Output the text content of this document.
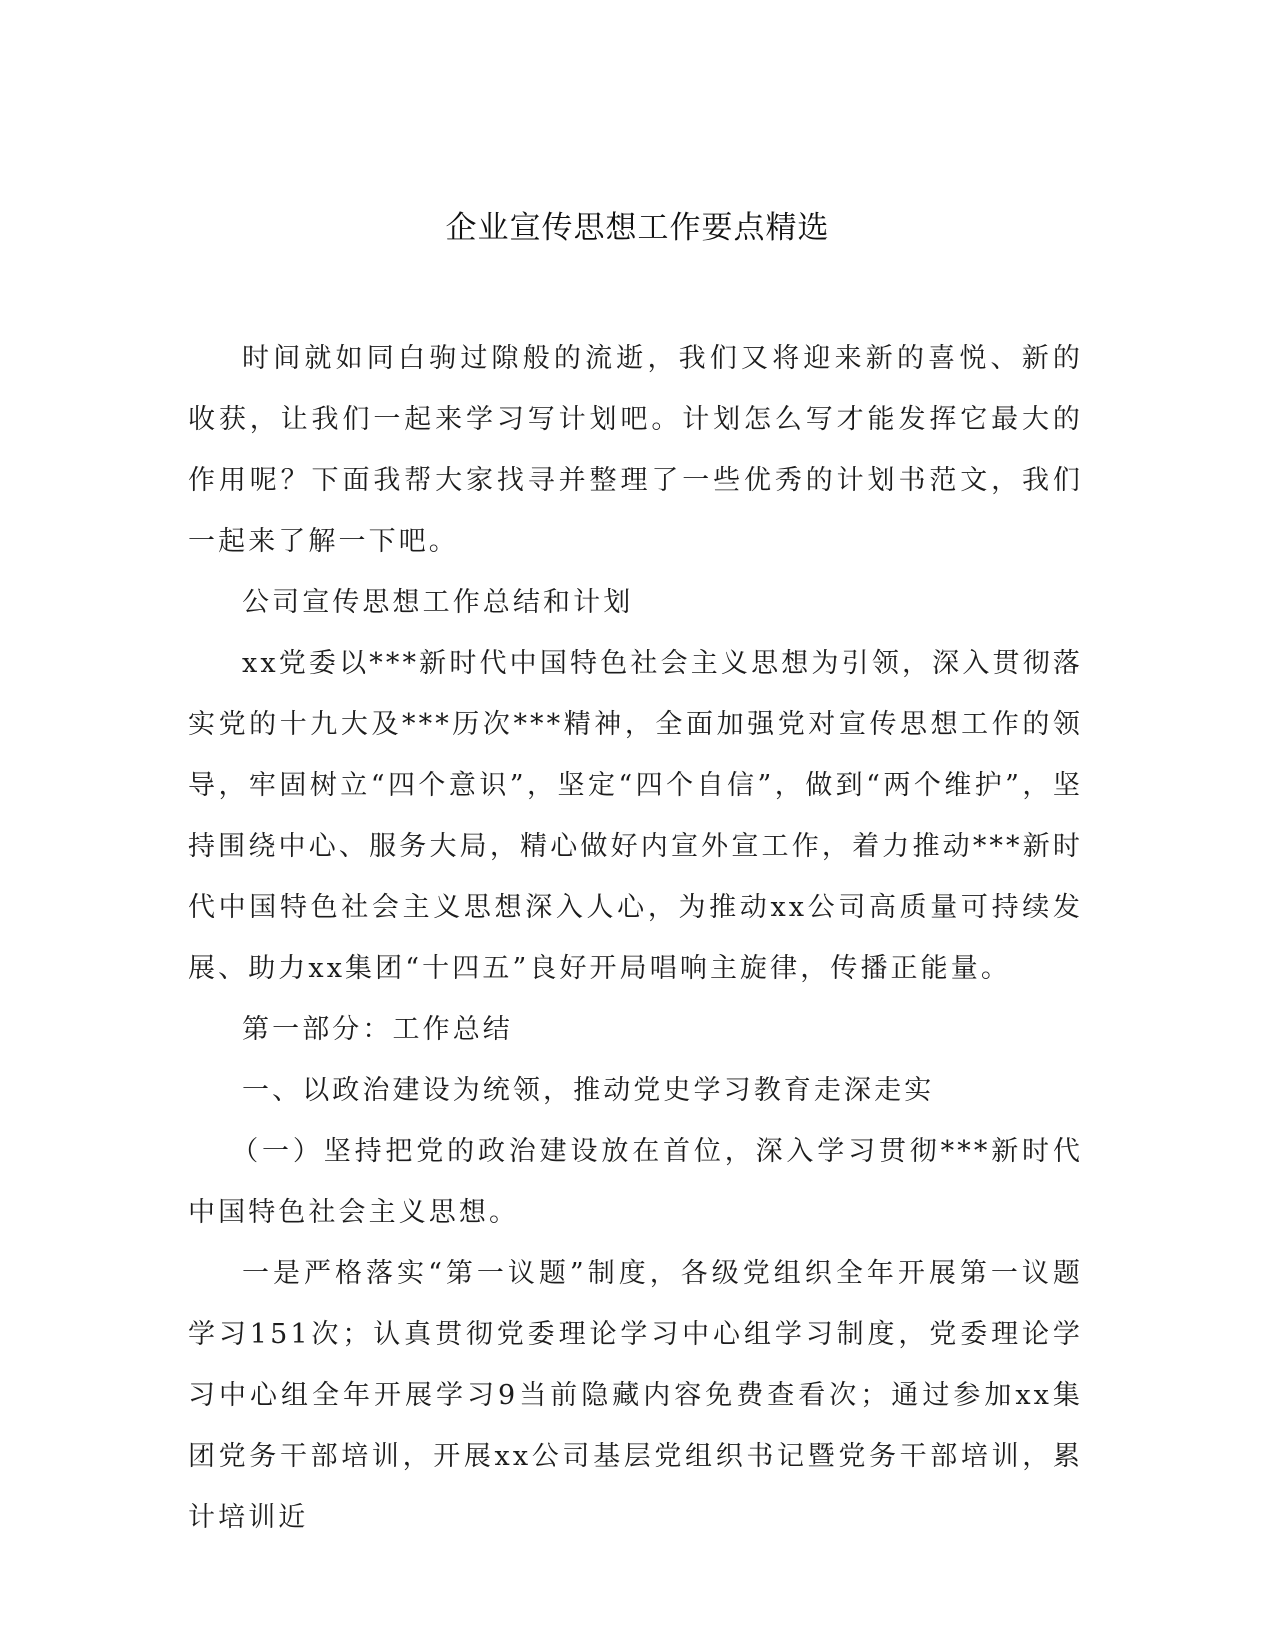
企业宣传思想工作要点精选

时间就如同白驹过隙般的流逝，我们又将迎来新的喜悦、新的收获，让我们一起来学习写计划吧。计划怎么写才能发挥它最大的作用呢？下面我帮大家找寻并整理了一些优秀的计划书范文，我们一起来了解一下吧。

公司宣传思想工作总结和计划

xx党委以***新时代中国特色社会主义思想为引领，深入贯彻落实党的十九大及***历次***精神，全面加强党对宣传思想工作的领导，牢固树立“四个意识”，坚定“四个自信”，做到“两个维护”，坚持围绕中心、服务大局，精心做好内宣外宣工作，着力推动***新时代中国特色社会主义思想深入人心，为推动xx公司高质量可持续发展、助力xx集团“十四五”良好开局唱响主旋律，传播正能量。

第一部分：工作总结

一、以政治建设为统领，推动党史学习教育走深走实

（一）坚持把党的政治建设放在首位，深入学习贯彻***新时代中国特色社会主义思想。

一是严格落实“第一议题”制度，各级党组织全年开展第一议题学习151次；认真贯彻党委理论学习中心组学习制度，党委理论学习中心组全年开展学习9当前隐藏内容免费查看次；通过参加xx集团党务干部培训，开展xx公司基层党组织书记暨党务干部培训，累计培训近
